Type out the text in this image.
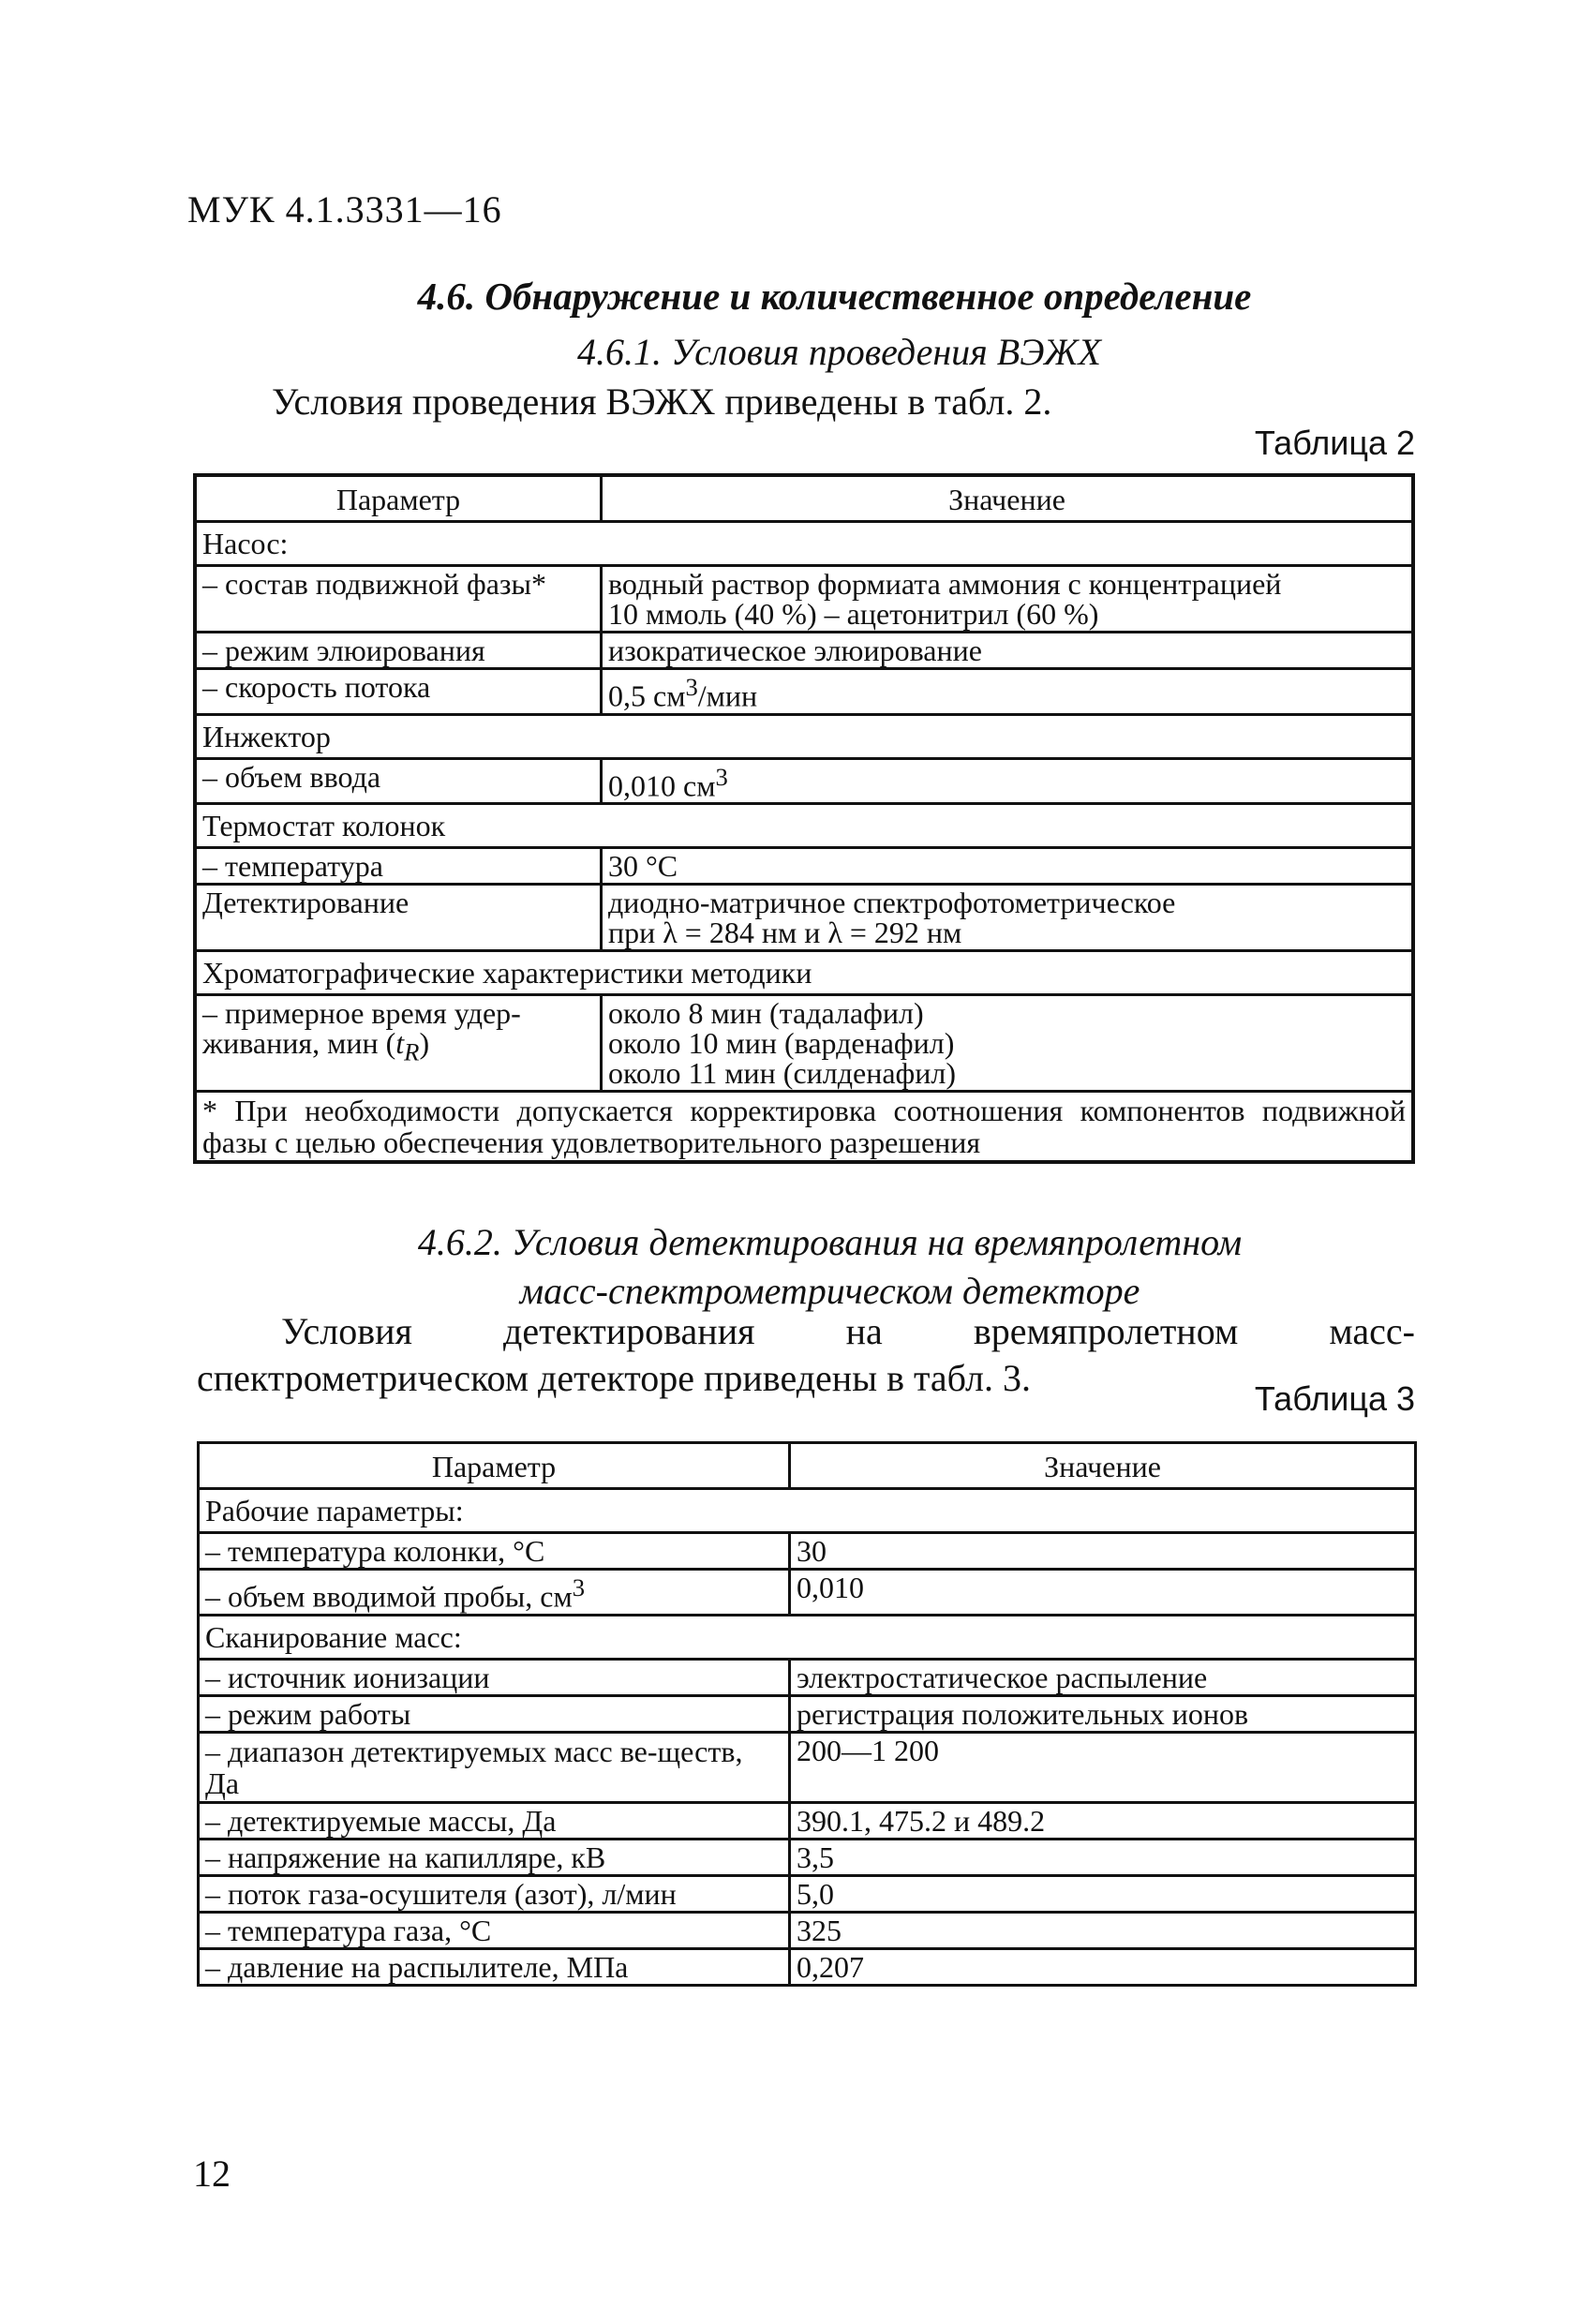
МУК 4.1.3331—16
4.6. Обнаружение и количественное определение
4.6.1. Условия проведения ВЭЖХ
Условия проведения ВЭЖХ приведены в табл. 2.
Таблица 2
Параметр	Значение
Насос:	
– состав подвижной фазы*	водный раствор формиата аммония с концентрацией
10 ммоль (40 %) – ацетонитрил (60 %)
– режим элюирования	изократическое элюирование
– скорость потока	0,5 $см^3$/мин
Инжектор	
– объем ввода	0,010 $см^3$
Термостат колонок	
– температура	30 °С
Детектирование	диодно-матричное спектрофотометрическое
при λ = 284 нм и λ = 292 нм
Хроматографические характеристики методики	
– примерное время удер-
живания, мин $(t_R)$	около 8 мин (тадалафил)
около 10 мин (варденафил)
около 11 мин (силденафил)
* При необходимости допускается корректировка соотношения компонентов подвижной фазы с целью обеспечения удовлетворительного разрешения	
4.6.2. Условия детектирования на времяпролетном
масс-спектрометрическом детекторе
Условия детектирования на времяпролетном масс-спектрометрическом детекторе приведены в табл. 3.	Таблица 3
Параметр	Значение
Рабочие параметры:	
– температура колонки, °С	30
– объем вводимой пробы, $см^3$	0,010
Сканирование масс:	
– источник ионизации	электростатическое распыление
– режим работы	регистрация положительных ионов
– диапазон детектируемых масс ве-ществ, Да	200—1 200
– детектируемые массы, Да	390.1, 475.2 и 489.2
– напряжение на капилляре, кВ	3,5
– поток газа-осушителя (азот), л/мин	5,0
– температура газа, °С	325
– давление на распылителе, МПа	0,207
12
